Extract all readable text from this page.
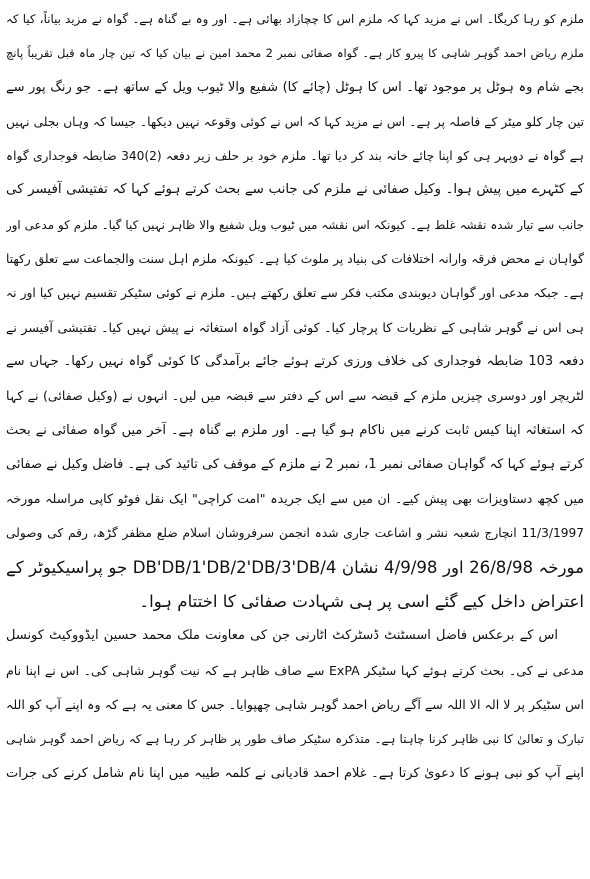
ملزم کو رہا کریگا۔ اس نے مزید کہا کہ ملزم اس کا چچازاد بھائی ہے۔ اور وہ بے گناہ ہے۔ گواہ نے مزید بیاناً، کیا کہ
ملزم ریاض احمد گوہر شاہی کا پیرو کار ہے۔ گواہ صفائی نمبر 2 محمد امین نے بیان کیا کہ تین چار ماہ قبل تقریباً پانچ
بجے شام وہ ہوٹل پر موجود تھا۔ اس کا ہوٹل (چائے کا) شفیع والا ٹیوب ویل کے ساتھ ہے۔ جو رنگ پور سے
تین چار کلو میٹر کے فاصلہ پر ہے۔ اس نے مزید کہا کہ اس نے کوئی وقوعہ نہیں دیکھا۔ جیسا کہ وہاں بجلی نہیں
ہے گواہ نے دوپہر ہی کو اپنا چائے خانہ بند کر دیا تھا۔ ملزم خود بر حلف زیر دفعہ (2)340 ضابطہ فوجداری گواہ
کے کٹہرے میں پیش ہوا۔ وکیل صفائی نے ملزم کی جانب سے بحث کرتے ہوئے کہا کہ تفتیشی آفیسر کی
جانب سے تیار شدہ نقشہ غلط ہے۔ کیونکہ اس نقشہ میں ٹیوب ویل شفیع والا ظاہر نہیں کیا گیا۔ ملزم کو مدعی اور
گواہان نے محض فرقہ وارانہ اختلافات کی بنیاد پر ملوث کیا ہے۔ کیونکہ ملزم اہل سنت والجماعت سے تعلق رکھتا
ہے۔ جبکہ مدعی اور گواہان دیوبندی مکتب فکر سے تعلق رکھتے ہیں۔ ملزم نے کوئی سٹیکر تقسیم نہیں کیا اور نہ
ہی اس نے گوہر شاہی کے نظریات کا پرچار کیا۔ کوئی آزاد گواہ استغاثہ نے پیش نہیں کیا۔ تفتیشی آفیسر نے
دفعہ 103 ضابطہ فوجداری کی خلاف ورزی کرتے ہوئے جائے برآمدگی کا کوئی گواہ نہیں رکھا۔ جہاں سے
لٹریچر اور دوسری چیزیں ملزم کے قبضہ سے اس کے دفتر سے قبضہ میں لیں۔ انہوں نے (وکیل صفائی) نے کہا
کہ استغاثہ اپنا کیس ثابت کرنے میں ناکام ہو گیا ہے۔ اور ملزم بے گناہ ہے۔ آخر میں گواہ صفائی نے بحث
کرتے ہوئے کہا کہ گواہان صفائی نمبر 1، نمبر 2 نے ملزم کے موقف کی تائید کی ہے۔ فاضل وکیل نے صفائی
میں کچھ دستاویزات بھی پیش کیے۔ ان میں سے ایک جریدہ "امت کراچی" ایک نقل فوٹو کاپی مراسلہ مورخہ
11/3/1997 انچارج شعبہ نشر و اشاعت جاری شدہ انجمن سرفروشان اسلام ضلع مظفر گڑھ، رقم کی وصولی
مورخہ 26/8/98 اور 4/9/98 نشان DB'DB/1'DB/2'DB/3'DB/4 جو پراسیکیوٹر کے
اعتراض داخل کیے گئے اسی پر ہی شہادت صفائی کا اختتام ہوا۔
اس کے برعکس فاضل اسسٹنٹ ڈسٹرکٹ اٹارنی جن کی معاونت ملک محمد حسین ایڈووکیٹ کونسل
مدعی نے کی۔ بحث کرتے ہوئے کہا سٹیکر ExPA سے صاف ظاہر ہے کہ نیت گوہر شاہی کی۔ اس نے اپنا نام
اس سٹیکر پر لا الہ الا اللہ سے آگے ریاض احمد گوہر شاہی چھپوایا۔ جس کا معنی یہ ہے کہ وہ اپنے آپ کو اللہ
تبارک و تعالیٰ کا نبی ظاہر کرنا چاہتا ہے۔ متذکرہ سٹیکر صاف طور پر ظاہر کر رہا ہے کہ ریاض احمد گوہر شاہی
اپنے آپ کو نبی ہونے کا دعویٰ کرتا ہے۔ غلام احمد قادیانی نے کلمہ طیبہ میں اپنا نام شامل کرنے کی جرات
